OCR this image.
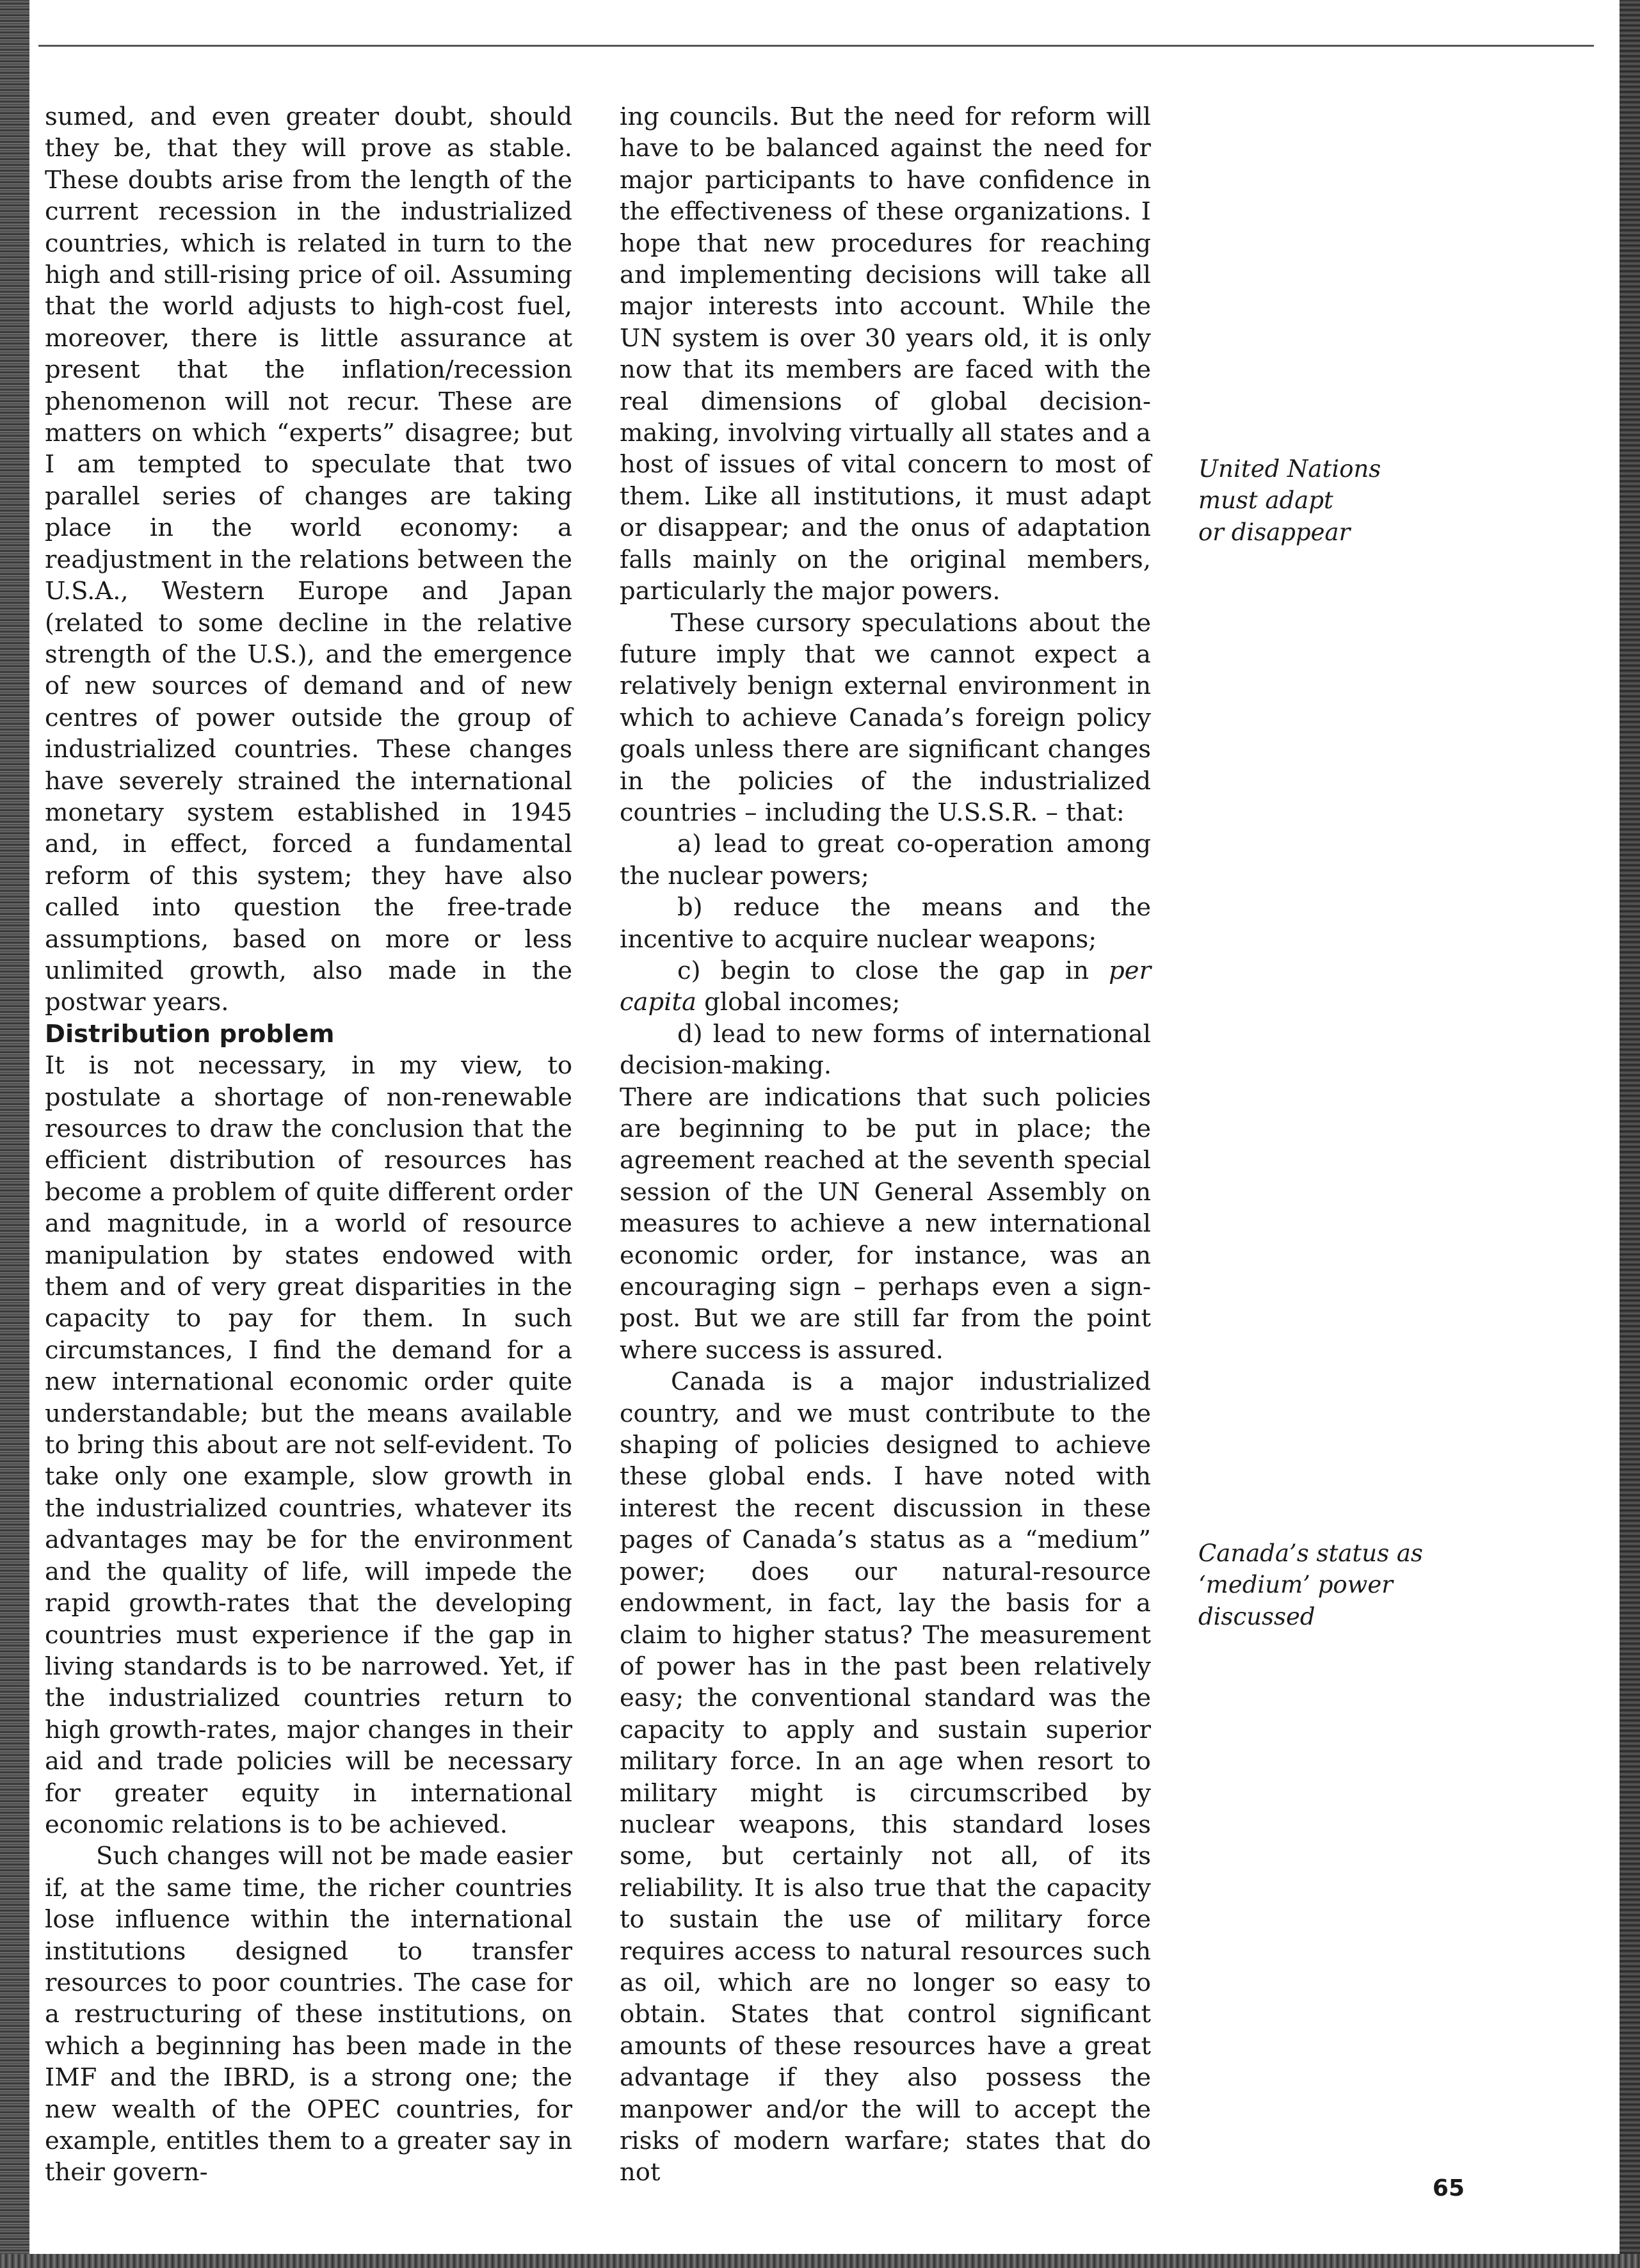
sumed, and even greater doubt, should they be, that they will prove as stable. These doubts arise from the length of the current recession in the industrialized countries, which is related in turn to the high and still-rising price of oil. Assuming that the world adjusts to high-cost fuel, moreover, there is little assurance at present that the inflation/recession phenomenon will not recur. These are matters on which “experts” disagree; but I am tempted to speculate that two parallel series of changes are taking place in the world economy: a readjustment in the relations between the U.S.A., Western Europe and Japan (related to some decline in the relative strength of the U.S.), and the emergence of new sources of demand and of new centres of power outside the group of industrialized countries. These changes have severely strained the international monetary system established in 1945 and, in effect, forced a fundamental reform of this system; they have also called into question the free-trade assumptions, based on more or less unlimited growth, also made in the postwar years.

Distribution problem

It is not necessary, in my view, to postulate a shortage of non-renewable resources to draw the conclusion that the efficient distribution of resources has become a problem of quite different order and magnitude, in a world of resource manipulation by states endowed with them and of very great disparities in the capacity to pay for them. In such circumstances, I find the demand for a new international economic order quite understandable; but the means available to bring this about are not self-evident. To take only one example, slow growth in the industrialized countries, whatever its advantages may be for the environment and the quality of life, will impede the rapid growth-rates that the developing countries must experience if the gap in living standards is to be narrowed. Yet, if the industrialized countries return to high growth-rates, major changes in their aid and trade policies will be necessary for greater equity in international economic relations is to be achieved.

Such changes will not be made easier if, at the same time, the richer countries lose influence within the international institutions designed to transfer resources to poor countries. The case for a restructuring of these institutions, on which a beginning has been made in the IMF and the IBRD, is a strong one; the new wealth of the OPEC countries, for example, entitles them to a greater say in their govern-

ing councils. But the need for reform will have to be balanced against the need for major participants to have confidence in the effectiveness of these organizations. I hope that new procedures for reaching and implementing decisions will take all major interests into account. While the UN system is over 30 years old, it is only now that its members are faced with the real dimensions of global decision-making, involving virtually all states and a host of issues of vital concern to most of them. Like all institutions, it must adapt or disappear; and the onus of adaptation falls mainly on the original members, particularly the major powers.

These cursory speculations about the future imply that we cannot expect a relatively benign external environment in which to achieve Canada’s foreign policy goals unless there are significant changes in the policies of the industrialized countries – including the U.S.S.R. – that:

a) lead to great co-operation among the nuclear powers;

b) reduce the means and the incentive to acquire nuclear weapons;

c) begin to close the gap in per capita global incomes;

d) lead to new forms of international decision-making.

There are indications that such policies are beginning to be put in place; the agreement reached at the seventh special session of the UN General Assembly on measures to achieve a new international economic order, for instance, was an encouraging sign – perhaps even a sign-post. But we are still far from the point where success is assured.

Canada is a major industrialized country, and we must contribute to the shaping of policies designed to achieve these global ends. I have noted with interest the recent discussion in these pages of Canada’s status as a “medium” power; does our natural-resource endowment, in fact, lay the basis for a claim to higher status? The measurement of power has in the past been relatively easy; the conventional standard was the capacity to apply and sustain superior military force. In an age when resort to military might is circumscribed by nuclear weapons, this standard loses some, but certainly not all, of its reliability. It is also true that the capacity to sustain the use of military force requires access to natural resources such as oil, which are no longer so easy to obtain. States that control significant amounts of these resources have a great advantage if they also possess the manpower and/or the will to accept the risks of modern warfare; states that do not

United Nations
must adapt
or disappear
Canada’s status as
‘medium’ power
discussed
65
